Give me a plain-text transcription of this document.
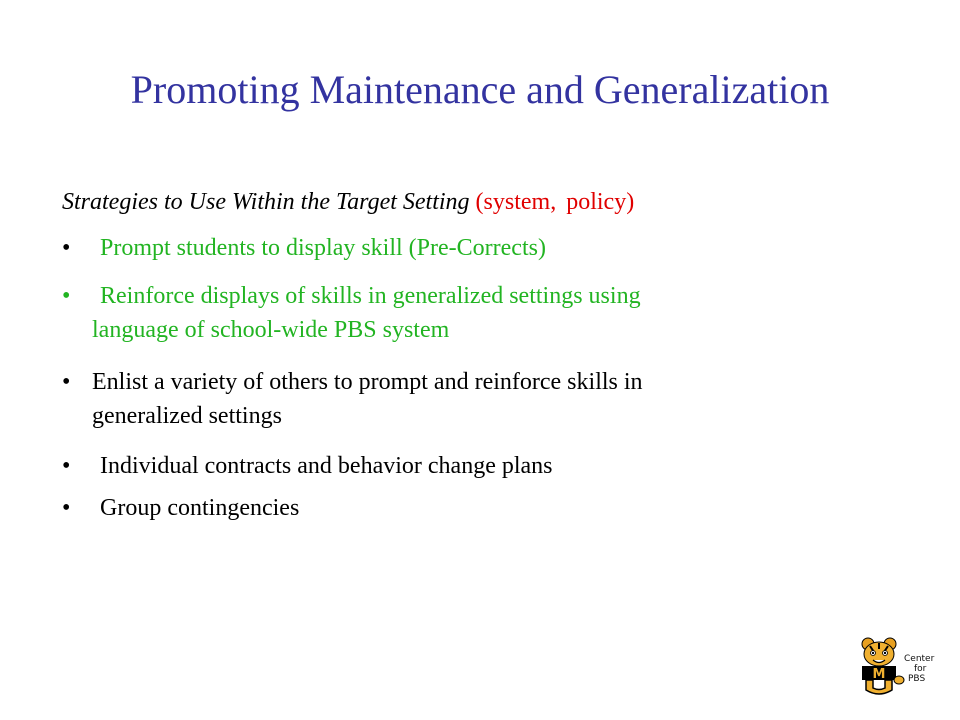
Promoting Maintenance and Generalization
Strategies to Use Within the Target Setting (system, policy)
• Prompt students to display skill (Pre-Corrects)
• Reinforce displays of skills in generalized settings using
language of school-wide PBS system
• Enlist a variety of others to prompt and reinforce skills in
generalized settings
• Individual contracts and behavior change plans
• Group contingencies
M
Center
for
PBS
